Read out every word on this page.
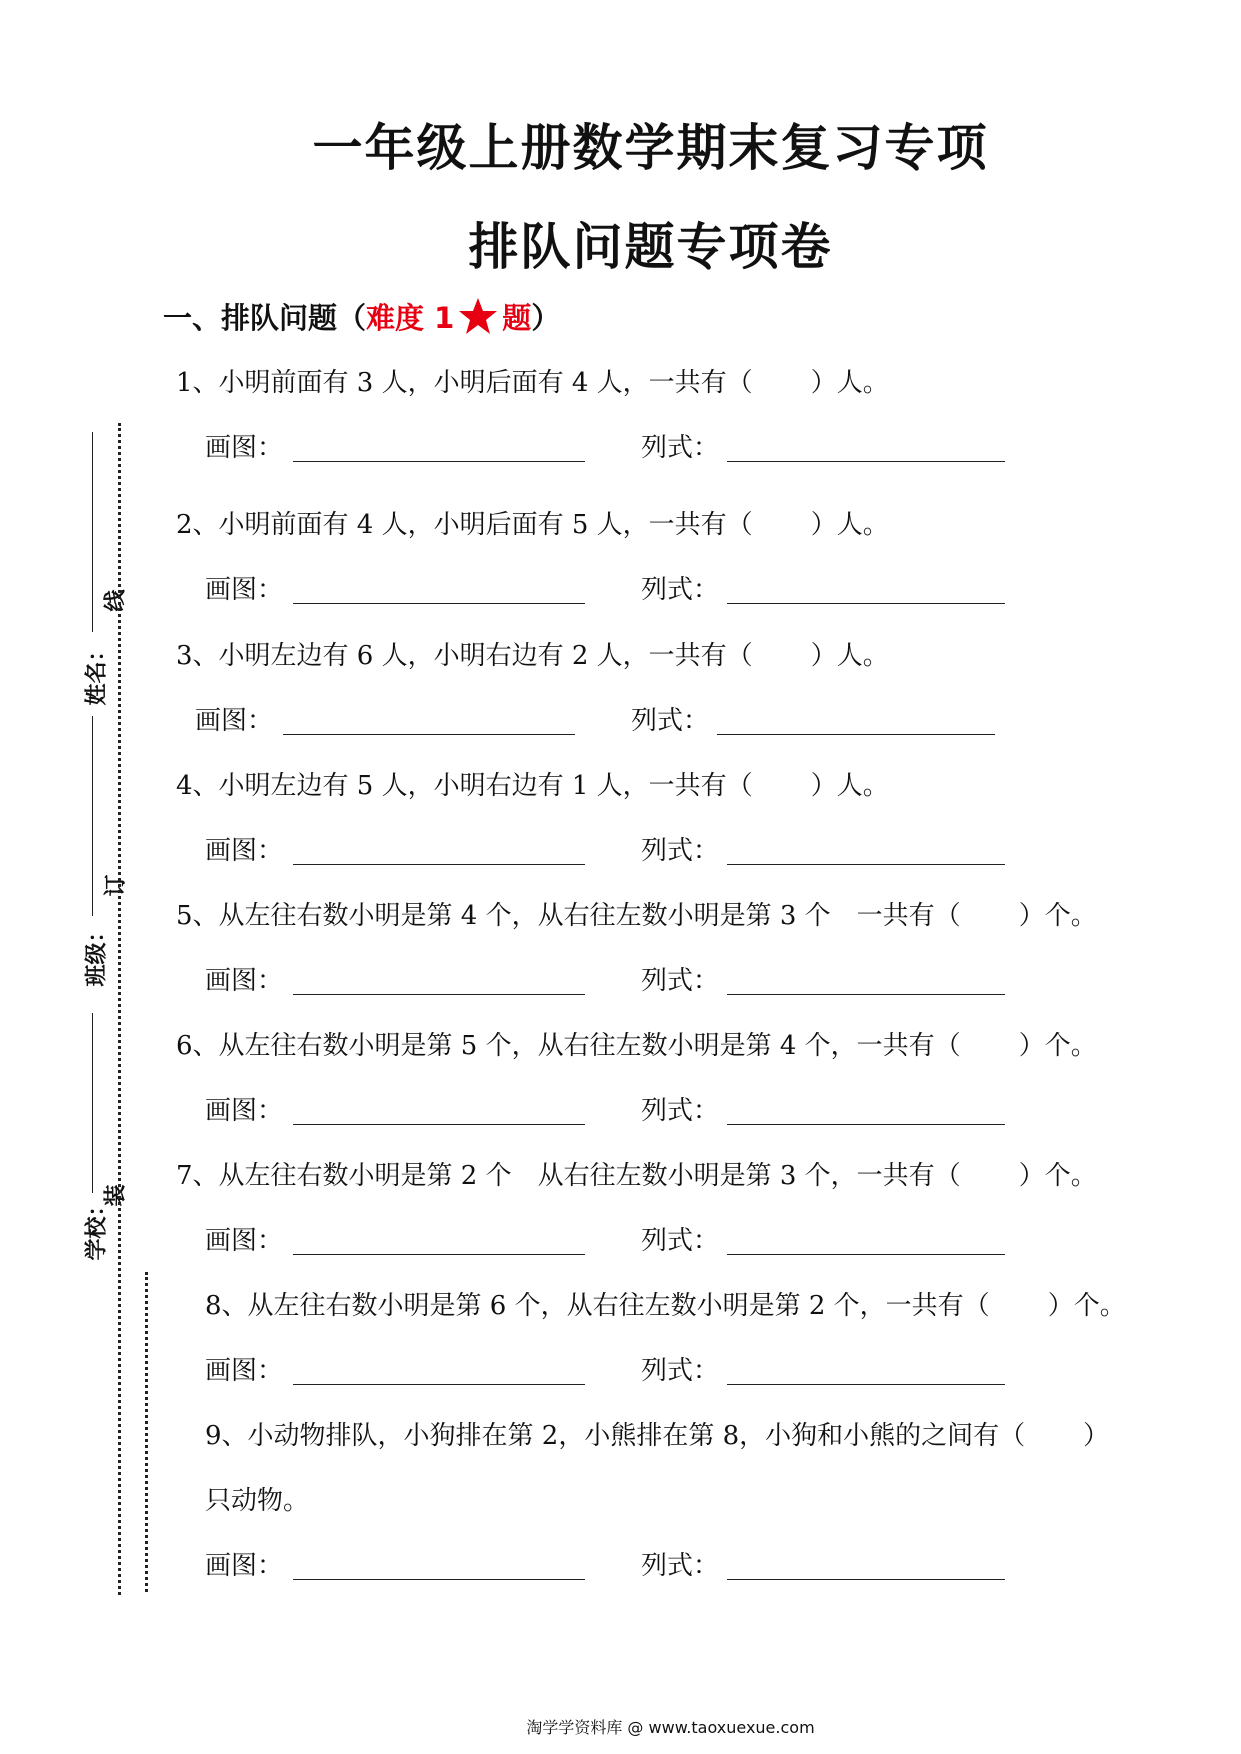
一年级上册数学期末复习专项
排队问题专项卷
一、排队问题（难度 1 题）
1、小明前面有 3 人，小明后面有 4 人，一共有（ ）人。
2、小明前面有 4 人，小明后面有 5 人，一共有（ ）人。
3、小明左边有 6 人，小明右边有 2 人，一共有（ ）人。
4、小明左边有 5 人，小明右边有 1 人，一共有（ ）人。
5、从左往右数小明是第 4 个，从右往左数小明是第 3 个　一共有（ ）个。
6、从左往右数小明是第 5 个，从右往左数小明是第 4 个，一共有（ ）个。
7、从左往右数小明是第 2 个　从右往左数小明是第 3 个，一共有（ ）个。
8、从左往右数小明是第 6 个，从右往左数小明是第 2 个，一共有（ ）个。
9、小动物排队，小狗排在第 2，小熊排在第 8，小狗和小熊的之间有（ ）
只动物。
画图：	列式：
画图：	列式：
画图：	列式：
画图：	列式：
画图：	列式：
画图：	列式：
画图：	列式：
画图：	列式：
画图：	列式：
姓名：
班级：
学校：
线
订
装
淘学学资料库 @ www.taoxuexue.com
